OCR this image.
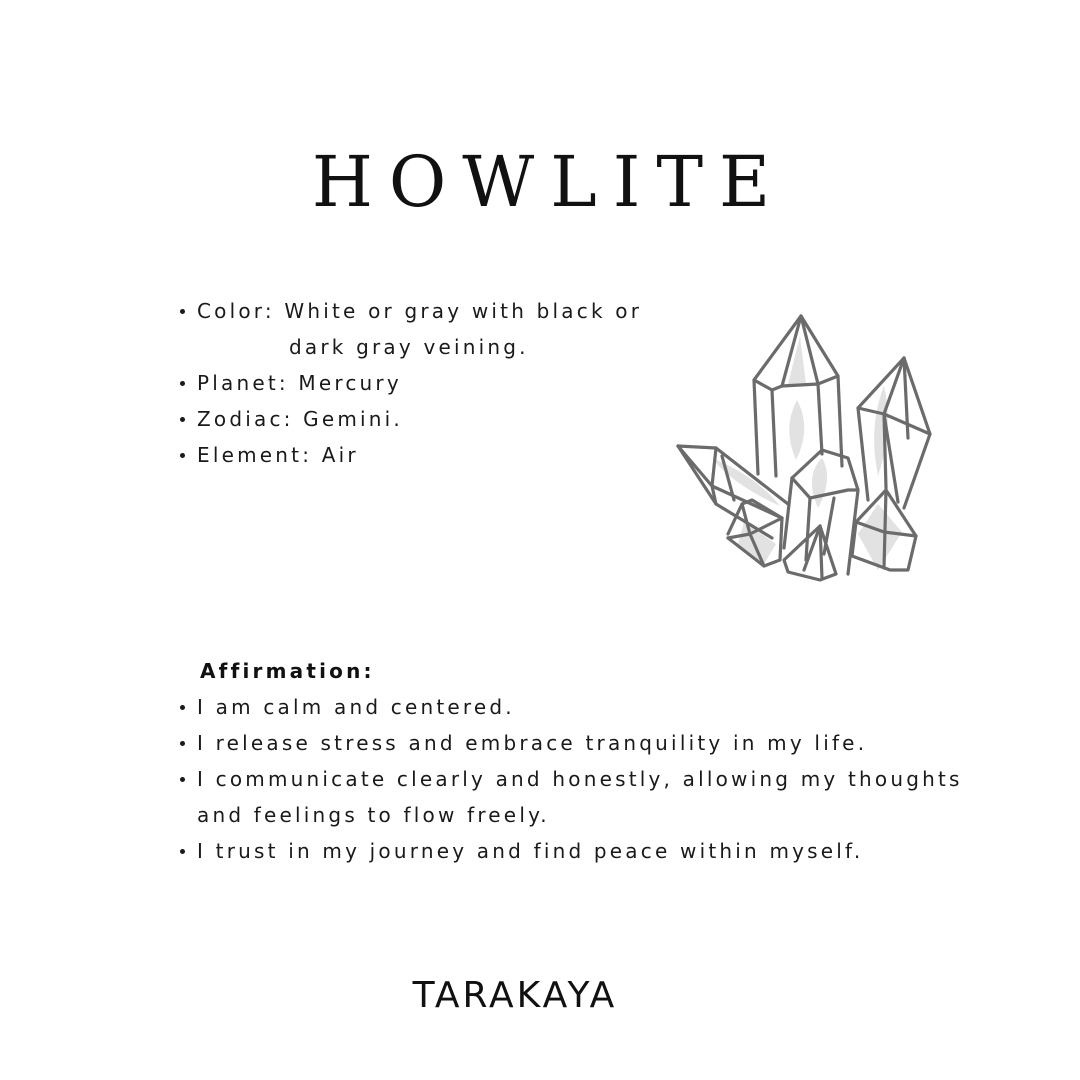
HOWLITE
Color: White or gray with black or
dark gray veining.
Planet: Mercury
Zodiac: Gemini.
Element: Air

Affirmation:

I am calm and centered.
I release stress and embrace tranquility in my life.
I communicate clearly and honestly, allowing my thoughts and feelings to flow freely.
I trust in my journey and find peace within myself.

TARAKAYA
